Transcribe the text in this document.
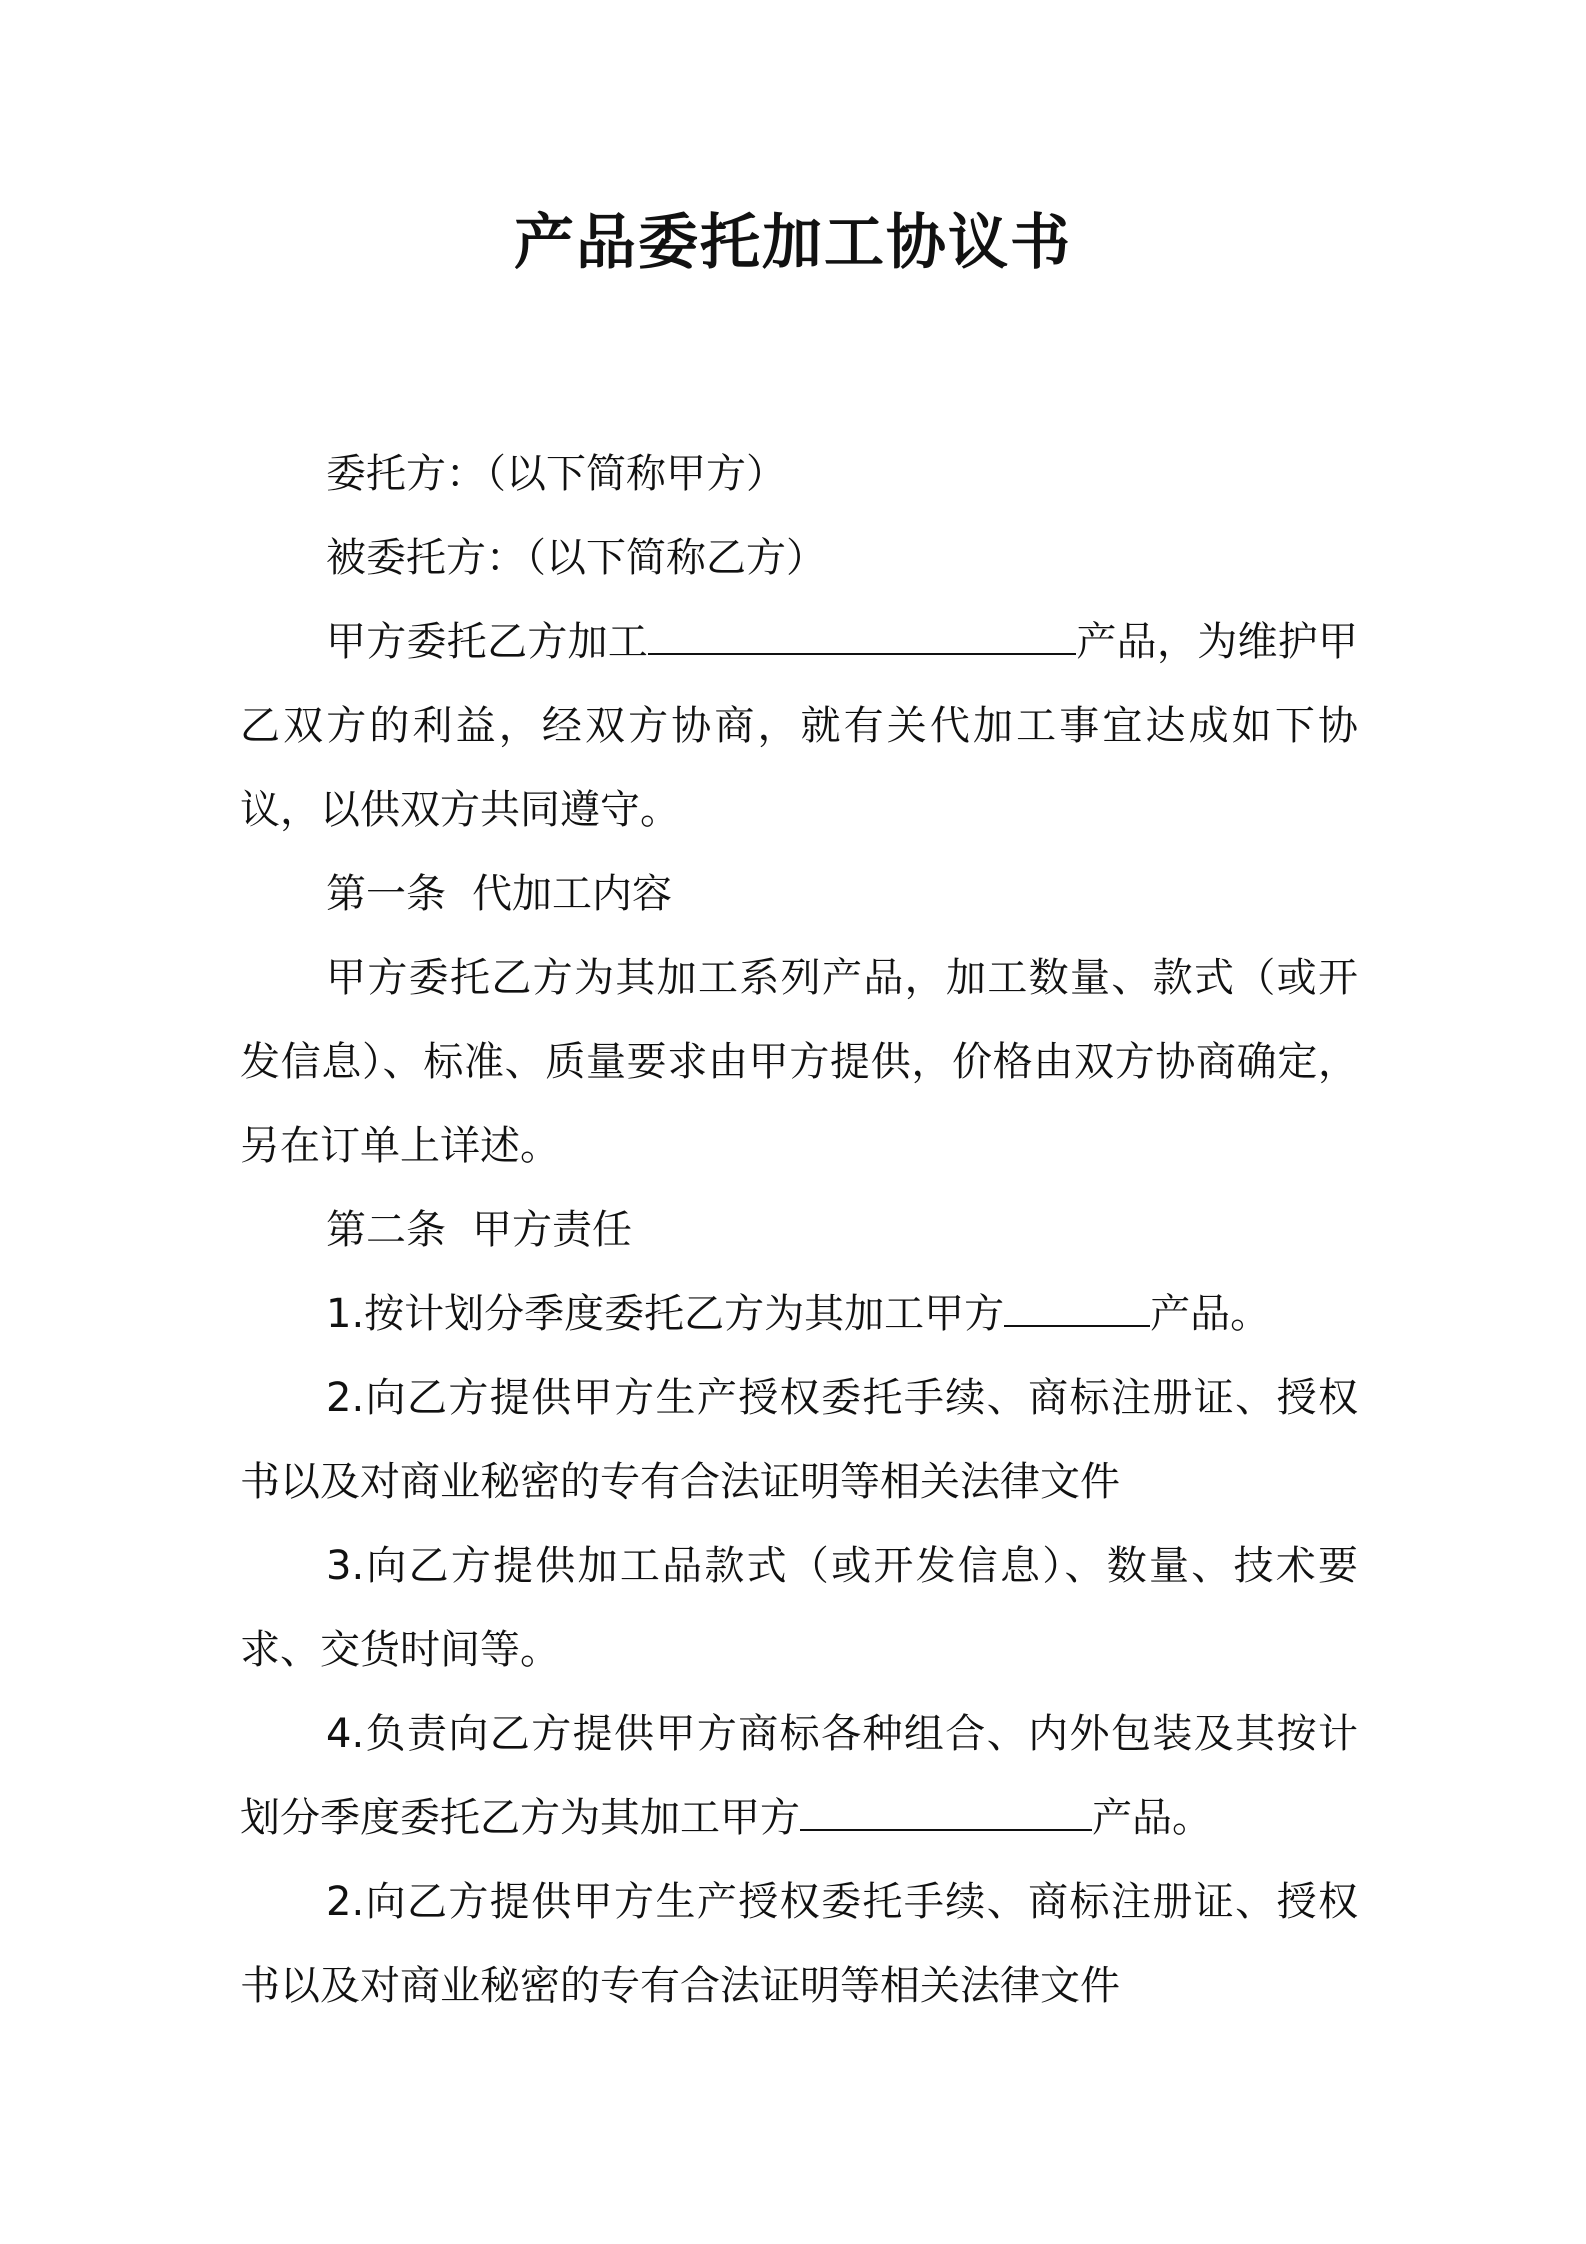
产品委托加工协议书

委托方：（以下简称甲方）

被委托方：（以下简称乙方）

甲方委托乙方加工	产品，为维护甲乙双方的利益，经双方协商，就有关代加工事宜达成如下协议，以供双方共同遵守。

第一条 代加工内容

甲方委托乙方为其加工系列产品，加工数量、款式（或开发信息）、标准、质量要求由甲方提供，价格由双方协商确定，另在订单上详述。

第二条 甲方责任

1.按计划分季度委托乙方为其加工甲方	产品。

2.向乙方提供甲方生产授权委托手续、商标注册证、授权书以及对商业秘密的专有合法证明等相关法律文件

3.向乙方提供加工品款式（或开发信息）、数量、技术要求、交货时间等。

4.负责向乙方提供甲方商标各种组合、内外包装及其按计划分季度委托乙方为其加工甲方	产品。

2.向乙方提供甲方生产授权委托手续、商标注册证、授权书以及对商业秘密的专有合法证明等相关法律文件
